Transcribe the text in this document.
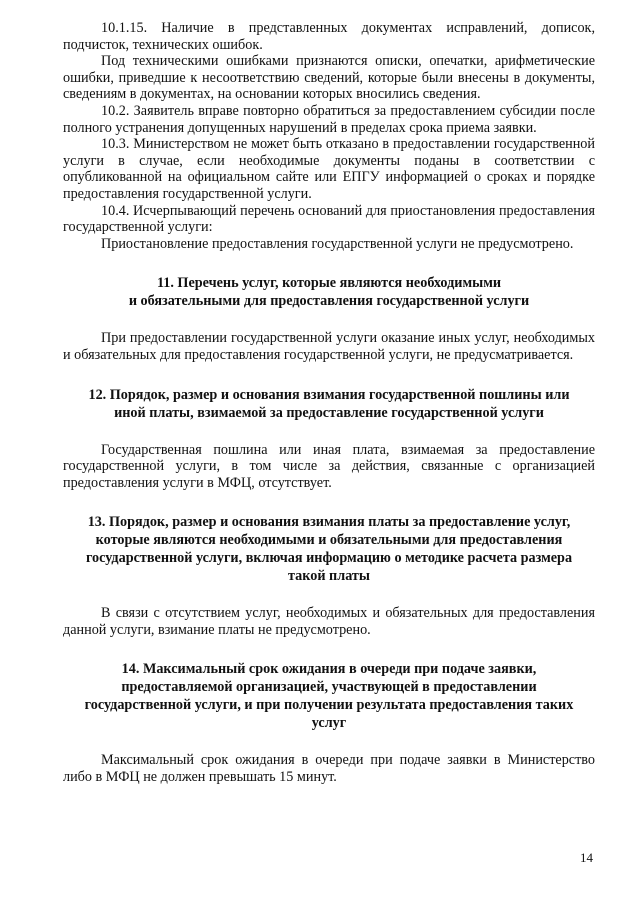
10.1.15. Наличие в представленных документах исправлений, дописок, подчисток, технических ошибок.

Под техническими ошибками признаются описки, опечатки, арифметические ошибки, приведшие к несоответствию сведений, которые были внесены в документы, сведениям в документах, на основании которых вносились сведения.

10.2. Заявитель вправе повторно обратиться за предоставлением субсидии после полного устранения допущенных нарушений в пределах срока приема заявки.

10.3. Министерством не может быть отказано в предоставлении государственной услуги в случае, если необходимые документы поданы в соответствии с опубликованной на официальном сайте или ЕПГУ информацией о сроках и порядке предоставления государственной услуги.

10.4. Исчерпывающий перечень оснований для приостановления предоставления государственной услуги:

Приостановление предоставления государственной услуги не предусмотрено.

11. Перечень услуг, которые являются необходимыми
и обязательными для предоставления государственной услуги

При предоставлении государственной услуги оказание иных услуг, необходимых и обязательных для предоставления государственной услуги, не предусматривается.

12. Порядок, размер и основания взимания государственной пошлины или
иной платы, взимаемой за предоставление государственной услуги

Государственная пошлина или иная плата, взимаемая за предоставление государственной услуги, в том числе за действия, связанные с организацией предоставления услуги в МФЦ, отсутствует.

13. Порядок, размер и основания взимания платы за предоставление услуг,
которые являются необходимыми и обязательными для предоставления
государственной услуги, включая информацию о методике расчета размера
такой платы

В связи с отсутствием услуг, необходимых и обязательных для предоставления данной услуги, взимание платы не предусмотрено.

14. Максимальный срок ожидания в очереди при подаче заявки,
предоставляемой организацией, участвующей в предоставлении
государственной услуги, и при получении результата предоставления таких
услуг

Максимальный срок ожидания в очереди при подаче заявки в Министерство либо в МФЦ не должен превышать 15 минут.

14
